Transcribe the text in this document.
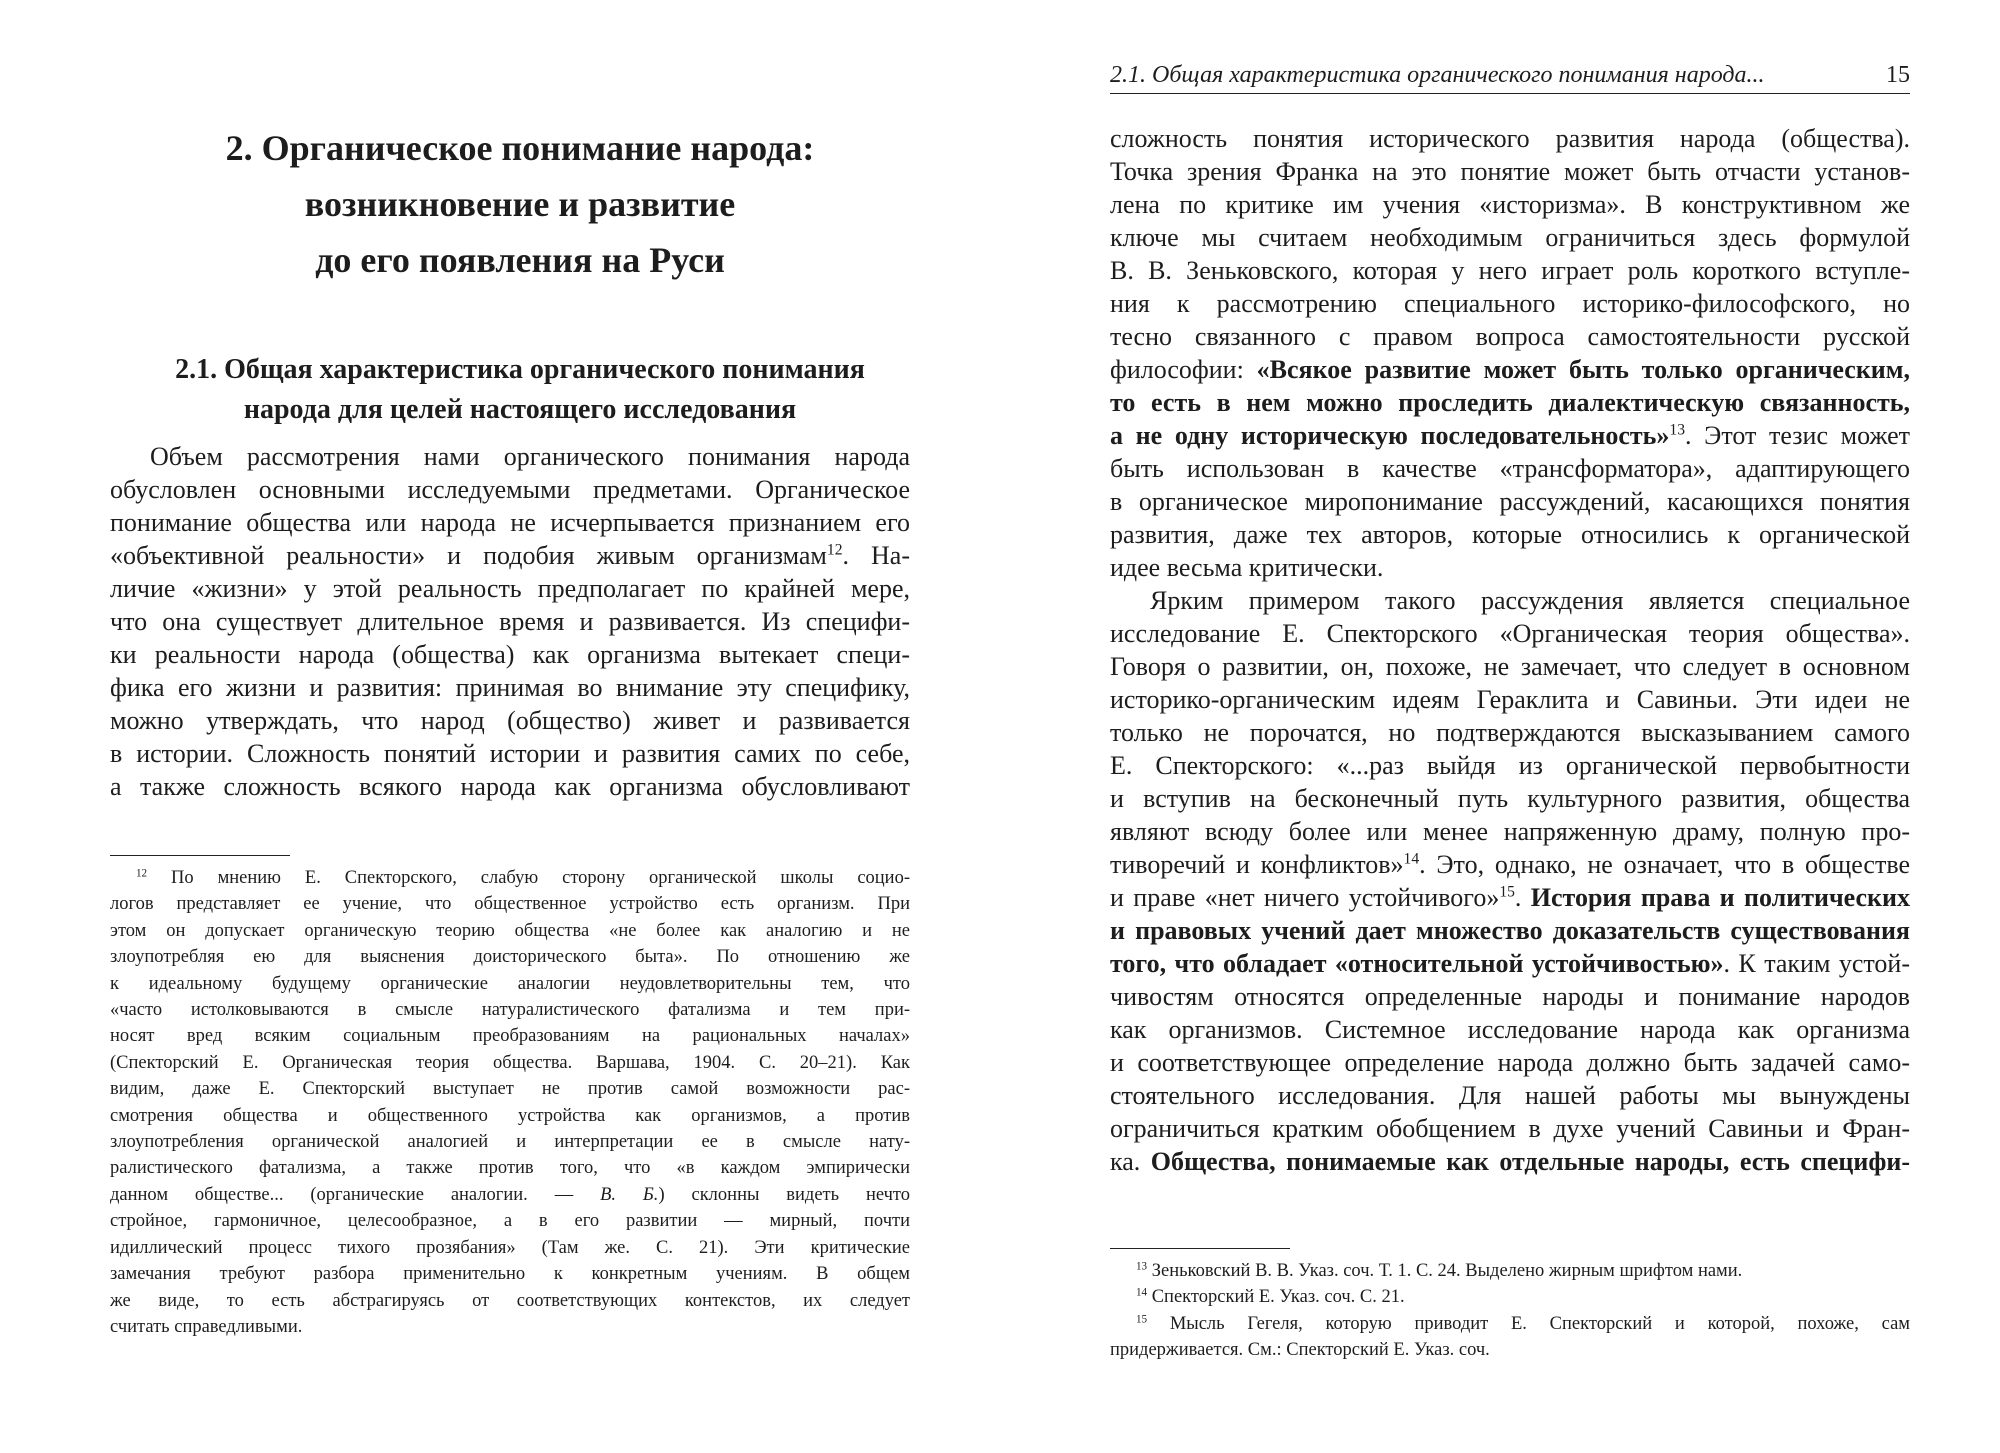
2. Органическое понимание народа:
возникновение и развитие
до его появления на Руси
2.1. Общая характеристика органического понимания
народа для целей настоящего исследования
Объем рассмотрения нами органического понимания народа
обусловлен основными исследуемыми предметами. Органическое
понимание общества или народа не исчерпывается признанием его
«объективной реальности» и подобия живым организмам$^{12}$. На-
личие «жизни» у этой реальность предполагает по крайней мере,
что она существует длительное время и развивается. Из специфи-
ки реальности народа (общества) как организма вытекает специ-
фика его жизни и развития: принимая во внимание эту специфику,
можно утверждать, что народ (общество) живет и развивается
в истории. Сложность понятий истории и развития самих по себе,
а также сложность всякого народа как организма обусловливают
$^{12}$ По мнению Е. Спекторского, слабую сторону органической школы социо-
логов представляет ее учение, что общественное устройство есть организм. При
этом он допускает органическую теорию общества «не более как аналогию и не
злоупотребляя ею для выяснения доисторического быта». По отношению же
к идеальному будущему органические аналогии неудовлетворительны тем, что
«часто истолковываются в смысле натуралистического фатализма и тем при-
носят вред всяким социальным преобразованиям на рациональных началах»
(Спекторский Е. Органическая теория общества. Варшава, 1904. С. 20–21). Как
видим, даже Е. Спекторский выступает не против самой возможности рас-
смотрения общества и общественного устройства как организмов, а против
злоупотребления органической аналогией и интерпретации ее в смысле нату-
ралистического фатализма, а также против того, что «в каждом эмпирически
данном обществе... (органические аналогии. — В. Б.) склонны видеть нечто
стройное, гармоничное, целесообразное, а в его развитии — мирный, почти
идиллический процесс тихого прозябания» (Там же. С. 21). Эти критические
замечания требуют разбора применительно к конкретным учениям. В общем
же виде, то есть абстрагируясь от соответствующих контекстов, их следует
считать справедливыми.
2.1. Общая характеристика органического понимания народа...	15
сложность понятия исторического развития народа (общества).
Точка зрения Франка на это понятие может быть отчасти установ-
лена по критике им учения «историзма». В конструктивном же
ключе мы считаем необходимым ограничиться здесь формулой
В. В. Зеньковского, которая у него играет роль короткого вступле-
ния к рассмотрению специального историко-философского, но
тесно связанного с правом вопроса самостоятельности русской
философии: «Всякое развитие может быть только органическим,
то есть в нем можно проследить диалектическую связанность,
а не одну историческую последовательность»$^{13}$. Этот тезис может
быть использован в качестве «трансформатора», адаптирующего
в органическое миропонимание рассуждений, касающихся понятия
развития, даже тех авторов, которые относились к органической
идее весьма критически.
Ярким примером такого рассуждения является специальное
исследование Е. Спекторского «Органическая теория общества».
Говоря о развитии, он, похоже, не замечает, что следует в основном
историко-органическим идеям Гераклита и Савиньи. Эти идеи не
только не порочатся, но подтверждаются высказыванием самого
Е. Спекторского: «...раз выйдя из органической первобытности
и вступив на бесконечный путь культурного развития, общества
являют всюду более или менее напряженную драму, полную про-
тиворечий и конфликтов»$^{14}$. Это, однако, не означает, что в обществе
и праве «нет ничего устойчивого»$^{15}$. История права и политических
и правовых учений дает множество доказательств существования
того, что обладает «относительной устойчивостью». К таким устой-
чивостям относятся определенные народы и понимание народов
как организмов. Системное исследование народа как организма
и соответствующее определение народа должно быть задачей само-
стоятельного исследования. Для нашей работы мы вынуждены
ограничиться кратким обобщением в духе учений Савиньи и Фран-
ка. Общества, понимаемые как отдельные народы, есть специфи-
$^{13}$ Зеньковский В. В. Указ. соч. Т. 1. С. 24. Выделено жирным шрифтом нами.
$^{14}$ Спекторский Е. Указ. соч. С. 21.
$^{15}$ Мысль Гегеля, которую приводит Е. Спекторский и которой, похоже, сам
придерживается. См.: Спекторский Е. Указ. соч.
